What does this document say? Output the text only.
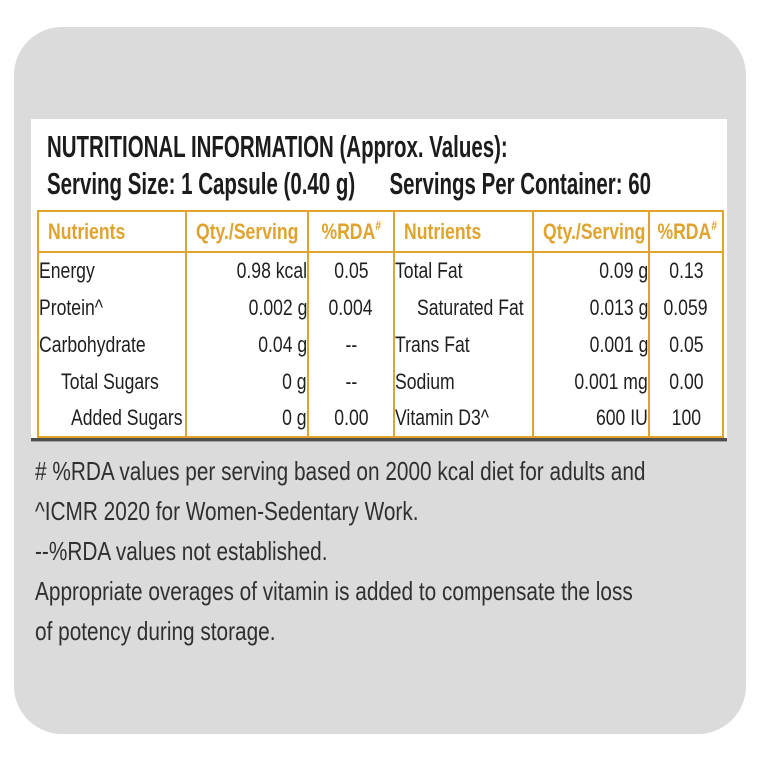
NUTRITIONAL INFORMATION (Approx. Values):
Serving Size: 1 Capsule (0.40 g) Servings Per Container: 60
Nutrients	Qty./Serving	%RDA#	Nutrients	Qty./Serving	%RDA#
Energy	0.98 kcal	0.05	Total Fat	0.09 g	0.13
Protein^	0.002 g	0.004	Saturated Fat	0.013 g	0.059
Carbohydrate	0.04 g	--	Trans Fat	0.001 g	0.05
Total Sugars	0 g	--	Sodium	0.001 mg	0.00
Added Sugars	0 g	0.00	Vitamin D3^	600 IU	100
# %RDA values per serving based on 2000 kcal diet for adults and
^ICMR 2020 for Women-Sedentary Work.
--%RDA values not established.
Appropriate overages of vitamin is added to compensate the loss
of potency during storage.
